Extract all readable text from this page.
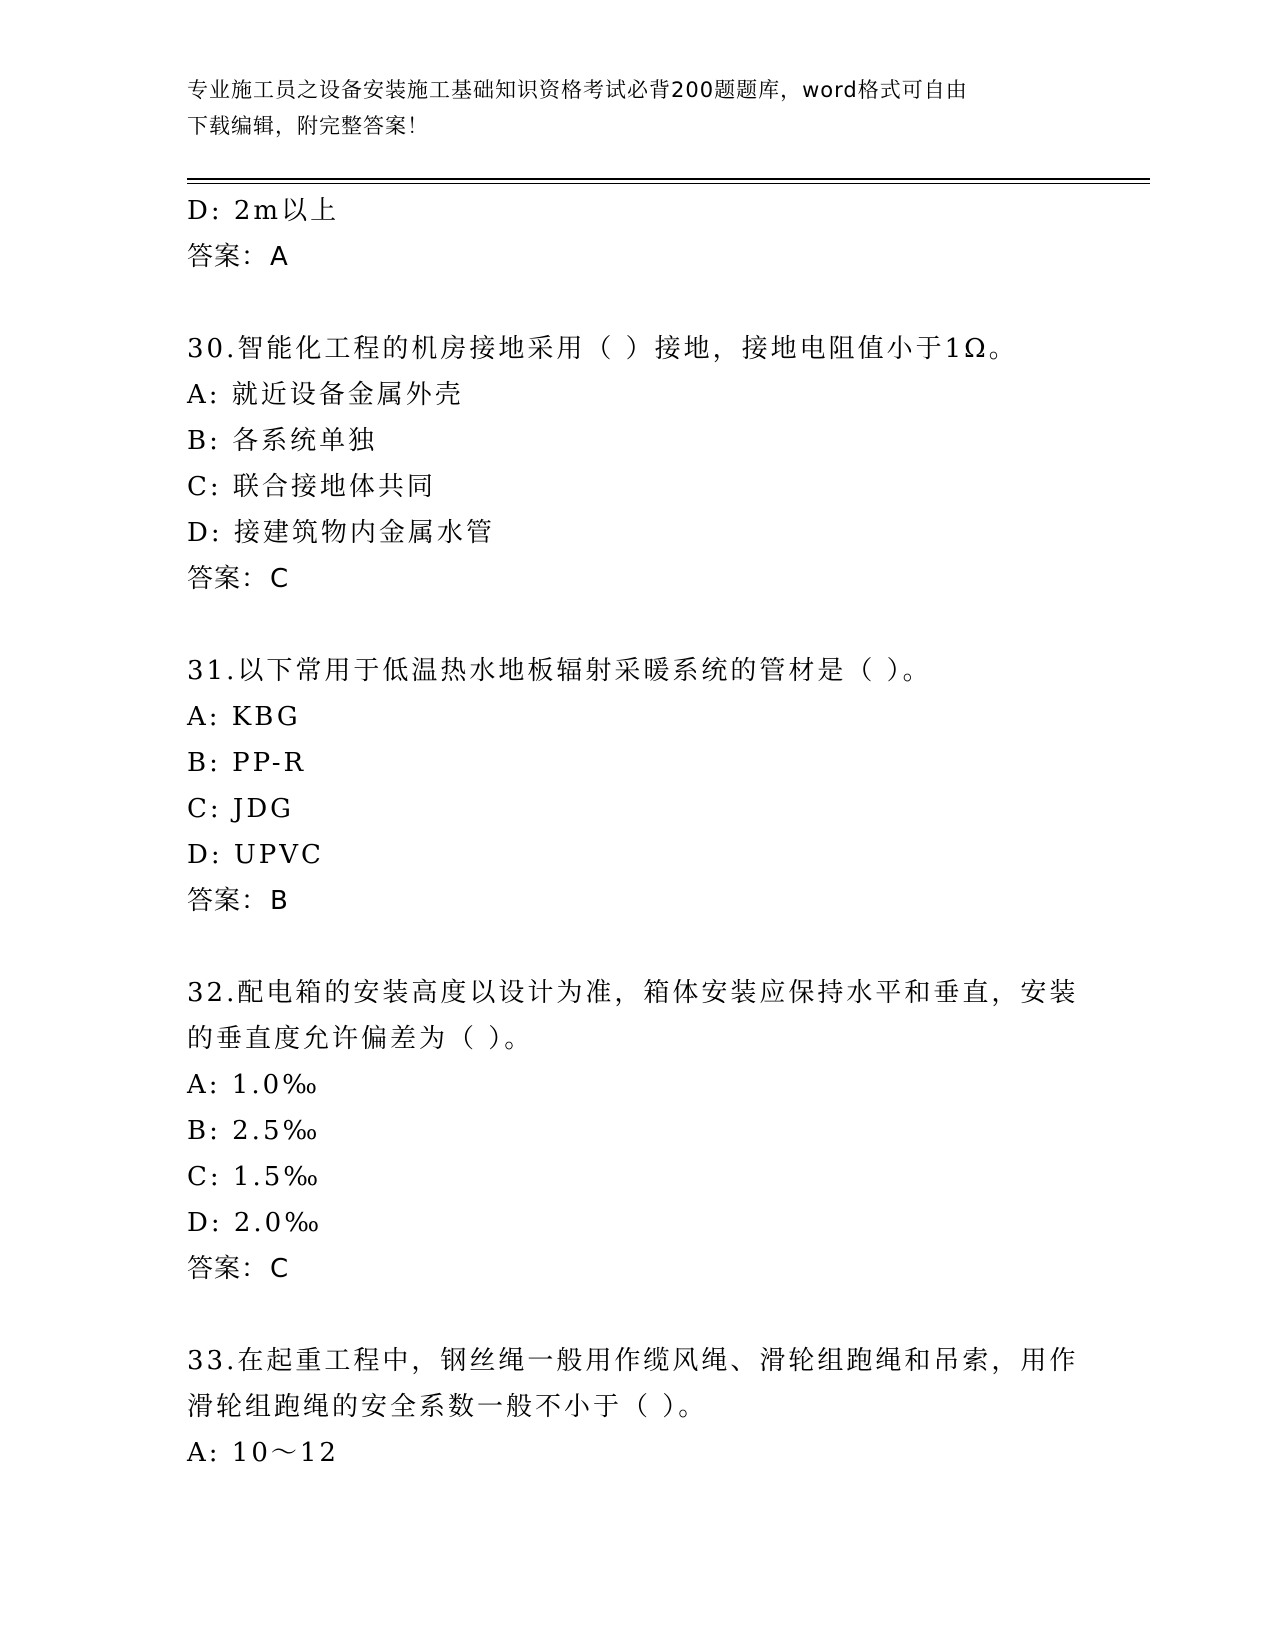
专业施工员之设备安装施工基础知识资格考试必背200题题库，word格式可自由
下载编辑，附完整答案！
D: 2m以上
答案：A
30.智能化工程的机房接地采用（ ）接地，接地电阻值小于1Ω。
A: 就近设备金属外壳
B: 各系统单独
C: 联合接地体共同
D: 接建筑物内金属水管
答案：C
31.以下常用于低温热水地板辐射采暖系统的管材是（ ）。
A: KBG
B: PP-R
C: JDG
D: UPVC
答案：B
32.配电箱的安装高度以设计为准，箱体安装应保持水平和垂直，安装
的垂直度允许偏差为（ ）。
A: 1.0‰
B: 2.5‰
C: 1.5‰
D: 2.0‰
答案：C
33.在起重工程中，钢丝绳一般用作缆风绳、滑轮组跑绳和吊索，用作
滑轮组跑绳的安全系数一般不小于（ ）。
A: 10～12
